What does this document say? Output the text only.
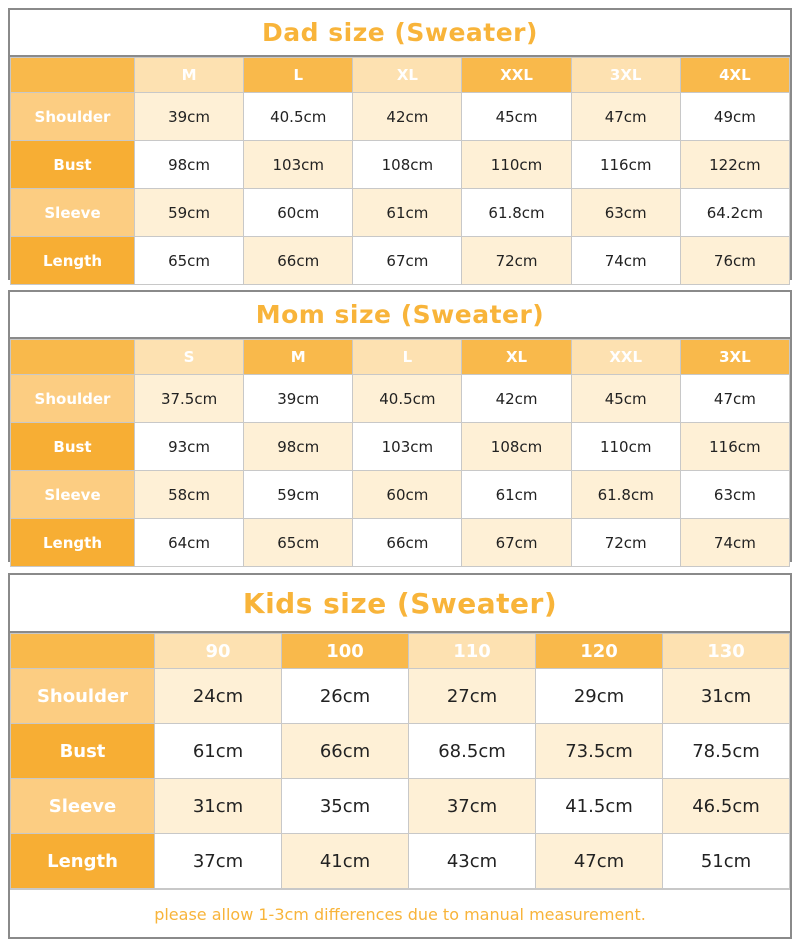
Dad size (Sweater)
	M	L	XL	XXL	3XL	4XL
Shoulder	39cm	40.5cm	42cm	45cm	47cm	49cm
Bust	98cm	103cm	108cm	110cm	116cm	122cm
Sleeve	59cm	60cm	61cm	61.8cm	63cm	64.2cm
Length	65cm	66cm	67cm	72cm	74cm	76cm
Mom size (Sweater)
	S	M	L	XL	XXL	3XL
Shoulder	37.5cm	39cm	40.5cm	42cm	45cm	47cm
Bust	93cm	98cm	103cm	108cm	110cm	116cm
Sleeve	58cm	59cm	60cm	61cm	61.8cm	63cm
Length	64cm	65cm	66cm	67cm	72cm	74cm
Kids size (Sweater)
	90	100	110	120	130
Shoulder	24cm	26cm	27cm	29cm	31cm
Bust	61cm	66cm	68.5cm	73.5cm	78.5cm
Sleeve	31cm	35cm	37cm	41.5cm	46.5cm
Length	37cm	41cm	43cm	47cm	51cm
please allow 1-3cm differences due to manual measurement.
